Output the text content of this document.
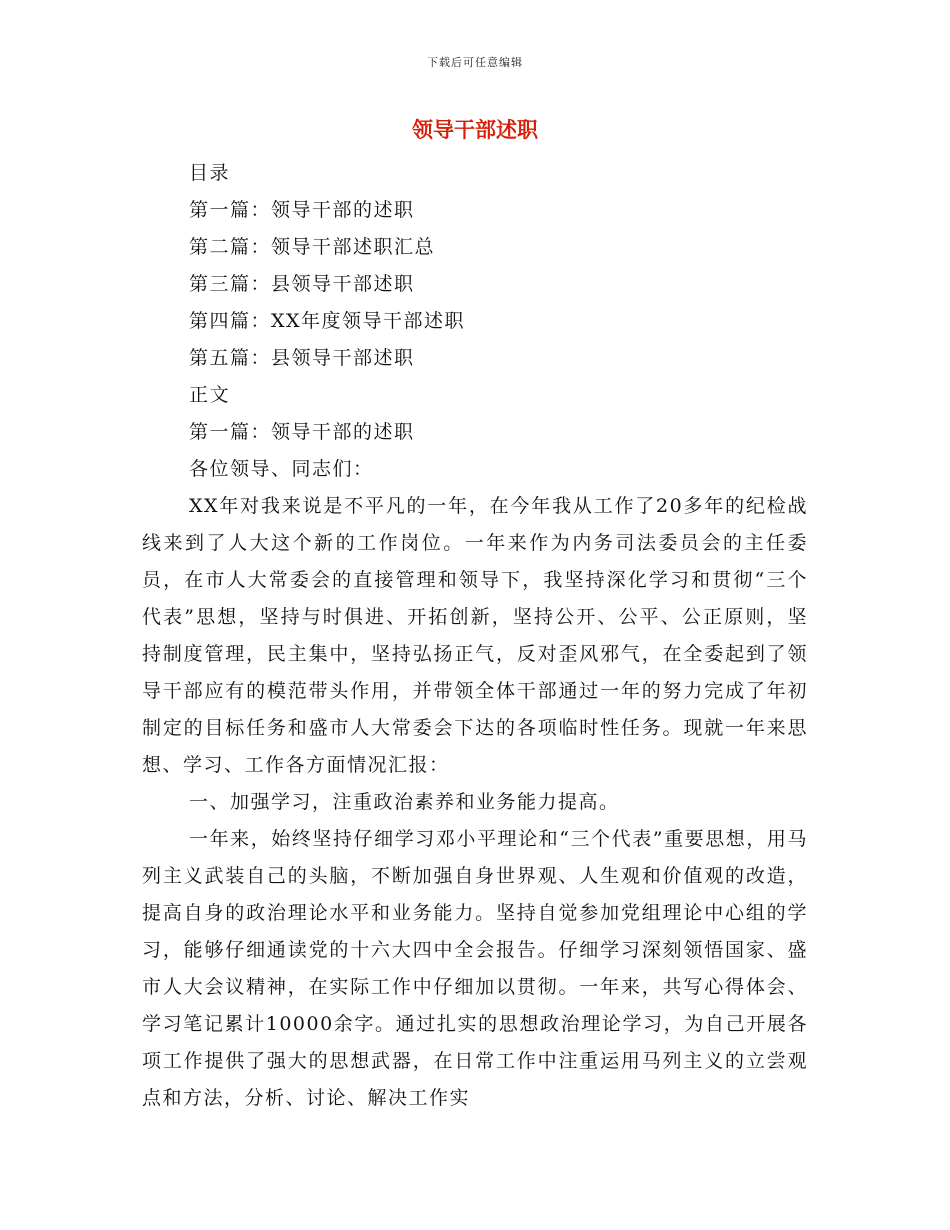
下载后可任意编辑
领导干部述职

目录

第一篇：领导干部的述职

第二篇：领导干部述职汇总

第三篇：县领导干部述职

第四篇：XX年度领导干部述职

第五篇：县领导干部述职

正文

第一篇：领导干部的述职

各位领导、同志们：

XX年对我来说是不平凡的一年，在今年我从工作了20多年的纪检战线来到了人大这个新的工作岗位。一年来作为内务司法委员会的主任委员，在市人大常委会的直接管理和领导下，我坚持深化学习和贯彻“三个代表”思想，坚持与时俱进、开拓创新，坚持公开、公平、公正原则，坚持制度管理，民主集中，坚持弘扬正气，反对歪风邪气，在全委起到了领导干部应有的模范带头作用，并带领全体干部通过一年的努力完成了年初制定的目标任务和盛市人大常委会下达的各项临时性任务。现就一年来思想、学习、工作各方面情况汇报：

一、加强学习，注重政治素养和业务能力提高。

一年来，始终坚持仔细学习邓小平理论和“三个代表”重要思想，用马列主义武装自己的头脑，不断加强自身世界观、人生观和价值观的改造，提高自身的政治理论水平和业务能力。坚持自觉参加党组理论中心组的学习，能够仔细通读党的十六大四中全会报告。仔细学习深刻领悟国家、盛市人大会议精神，在实际工作中仔细加以贯彻。一年来，共写心得体会、学习笔记累计10000余字。通过扎实的思想政治理论学习，为自己开展各项工作提供了强大的思想武器，在日常工作中注重运用马列主义的立尝观点和方法，分析、讨论、解决工作实
